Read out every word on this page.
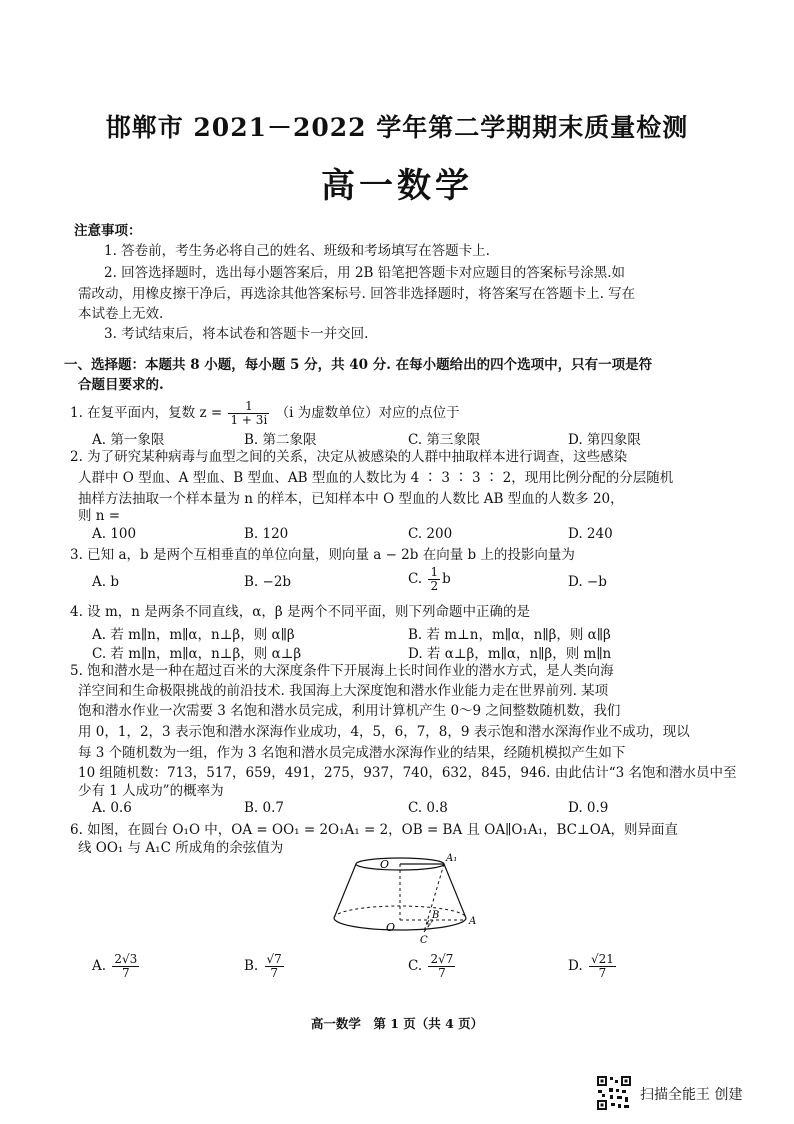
邯郸市 2021－2022 学年第二学期期末质量检测
高一数学
注意事项：
1. 答卷前，考生务必将自己的姓名、班级和考场填写在答题卡上.
2. 回答选择题时，选出每小题答案后，用 2B 铅笔把答题卡对应题目的答案标号涂黑.如
需改动，用橡皮擦干净后，再选涂其他答案标号. 回答非选择题时，将答案写在答题卡上. 写在
本试卷上无效.
3. 考试结束后，将本试卷和答题卡一并交回.
一、选择题：本题共 8 小题，每小题 5 分，共 40 分. 在每小题给出的四个选项中，只有一项是符
合题目要求的.
1. 在复平面内，复数 $z = \frac{1}{1 + 3i} (i$ 为虚数单位）对应的点位于
A. 第一象限	B. 第二象限	C. 第三象限	D. 第四象限
2. 为了研究某种病毒与血型之间的关系，决定从被感染的人群中抽取样本进行调查，这些感染
人群中 O 型血、A 型血、B 型血、AB 型血的人数比为 4 ∶ 3 ∶ 3 ∶ 2，现用比例分配的分层随机
抽样方法抽取一个样本量为 n 的样本，已知样本中 O 型血的人数比 AB 型血的人数多 20，
则 n =
A. 100	B. 120	C. 200	D. 240
3. 已知 a，b 是两个互相垂直的单位向量，则向量 a − 2b 在向量 b 上的投影向量为
A. b	B. −2b	C. $\frac{1}{2}$ b	D. −b
4. 设 m，n 是两条不同直线，α，β 是两个不同平面，则下列命题中正确的是
A. 若 m∥n，m∥α，n⊥β，则 α∥β	B. 若 m⊥n，m∥α，n∥β，则 α∥β
C. 若 m∥n，m∥α，n⊥β，则 α⊥β	D. 若 α⊥β，m∥α，n∥β，则 m∥n
5. 饱和潜水是一种在超过百米的大深度条件下开展海上长时间作业的潜水方式，是人类向海
洋空间和生命极限挑战的前沿技术. 我国海上大深度饱和潜水作业能力走在世界前列. 某项
饱和潜水作业一次需要 3 名饱和潜水员完成，利用计算机产生 0～9 之间整数随机数，我们
用 0，1，2，3 表示饱和潜水深海作业成功，4，5，6，7，8，9 表示饱和潜水深海作业不成功，现以
每 3 个随机数为一组，作为 3 名饱和潜水员完成潜水深海作业的结果，经随机模拟产生如下
10 组随机数：713，517，659，491，275，937，740，632，845，946. 由此估计“3 名饱和潜水员中至
少有 1 人成功”的概率为
A. 0.6	B. 0.7	C. 0.8	D. 0.9
6. 如图，在圆台 O₁O 中，OA = OO₁ = 2O₁A₁ = 2，OB = BA 且 OA∥O₁A₁，BC⊥OA，则异面直
线 OO₁ 与 A₁C 所成角的余弦值为
O	A₁
O	A
B
C
A. $\frac{2√3}{7}$	B. $\frac{√7}{7}$	C. $\frac{2√7}{7}$	D. $\frac{√21}{7}$
高一数学　第 1 页（共 4 页）
扫描全能王 创建
